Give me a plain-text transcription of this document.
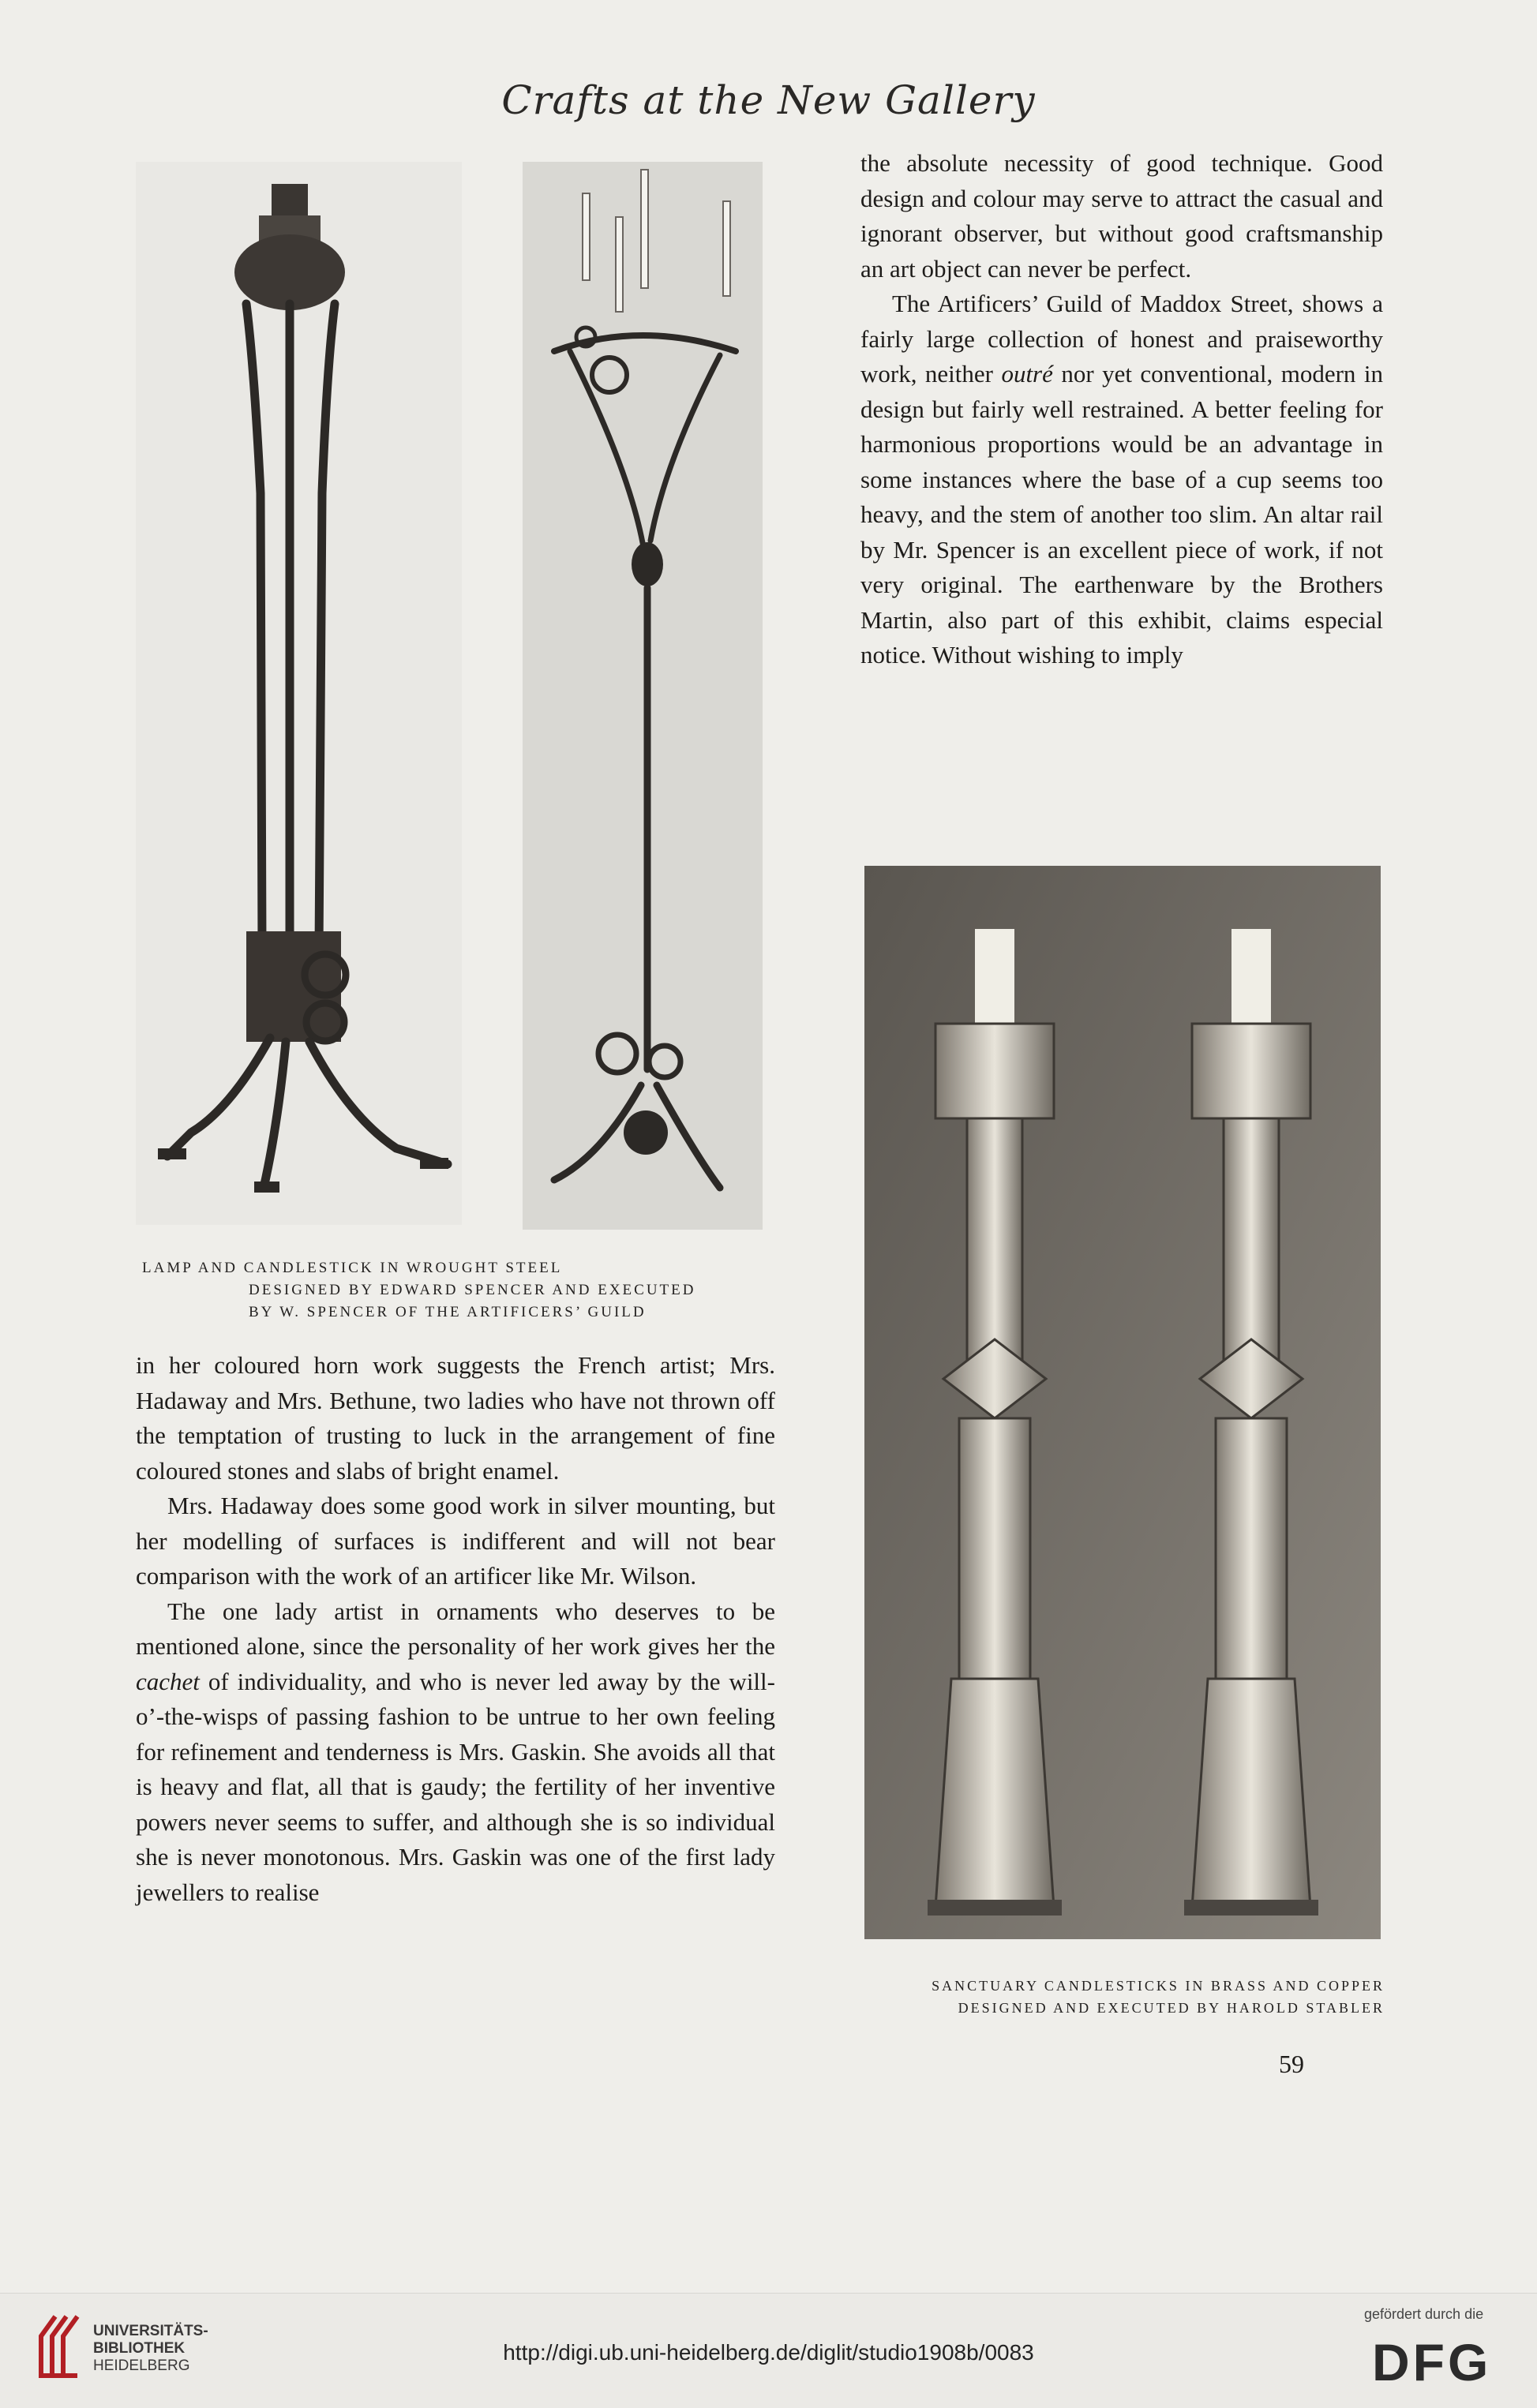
Crafts at the New Gallery

the absolute necessity of good technique. Good design and colour may serve to attract the casual and ignorant observer, but without good craftsmanship an art object can never be perfect.

The Artificers’ Guild of Maddox Street, shows a fairly large collection of honest and praiseworthy work, neither outré nor yet conventional, modern in design but fairly well restrained. A better feeling for harmonious proportions would be an advantage in some instances where the base of a cup seems too heavy, and the stem of another too slim. An altar rail by Mr. Spencer is an excellent piece of work, if not very original. The earthenware by the Brothers Martin, also part of this exhibit, claims especial notice. Without wishing to imply

LAMP AND CANDLESTICK IN WROUGHT STEEL
DESIGNED BY EDWARD SPENCER AND EXECUTED
BY W. SPENCER OF THE ARTIFICERS’ GUILD

in her coloured horn work suggests the French artist; Mrs. Hadaway and Mrs. Bethune, two ladies who have not thrown off the temptation of trusting to luck in the arrangement of fine coloured stones and slabs of bright enamel.

Mrs. Hadaway does some good work in silver mounting, but her modelling of surfaces is indifferent and will not bear comparison with the work of an artificer like Mr. Wilson.

The one lady artist in ornaments who deserves to be mentioned alone, since the personality of her work gives her the cachet of individuality, and who is never led away by the will-o’-the-wisps of passing fashion to be untrue to her own feeling for refinement and tenderness is Mrs. Gaskin. She avoids all that is heavy and flat, all that is gaudy; the fertility of her inventive powers never seems to suffer, and although she is so individual she is never monotonous. Mrs. Gaskin was one of the first lady jewellers to realise

SANCTUARY CANDLESTICKS IN BRASS AND COPPER
DESIGNED AND EXECUTED BY HAROLD STABLER
59
UNIVERSITÄTS-
BIBLIOTHEK
HEIDELBERG
http://digi.ub.uni-heidelberg.de/diglit/studio1908b/0083
gefördert durch die
DFG
